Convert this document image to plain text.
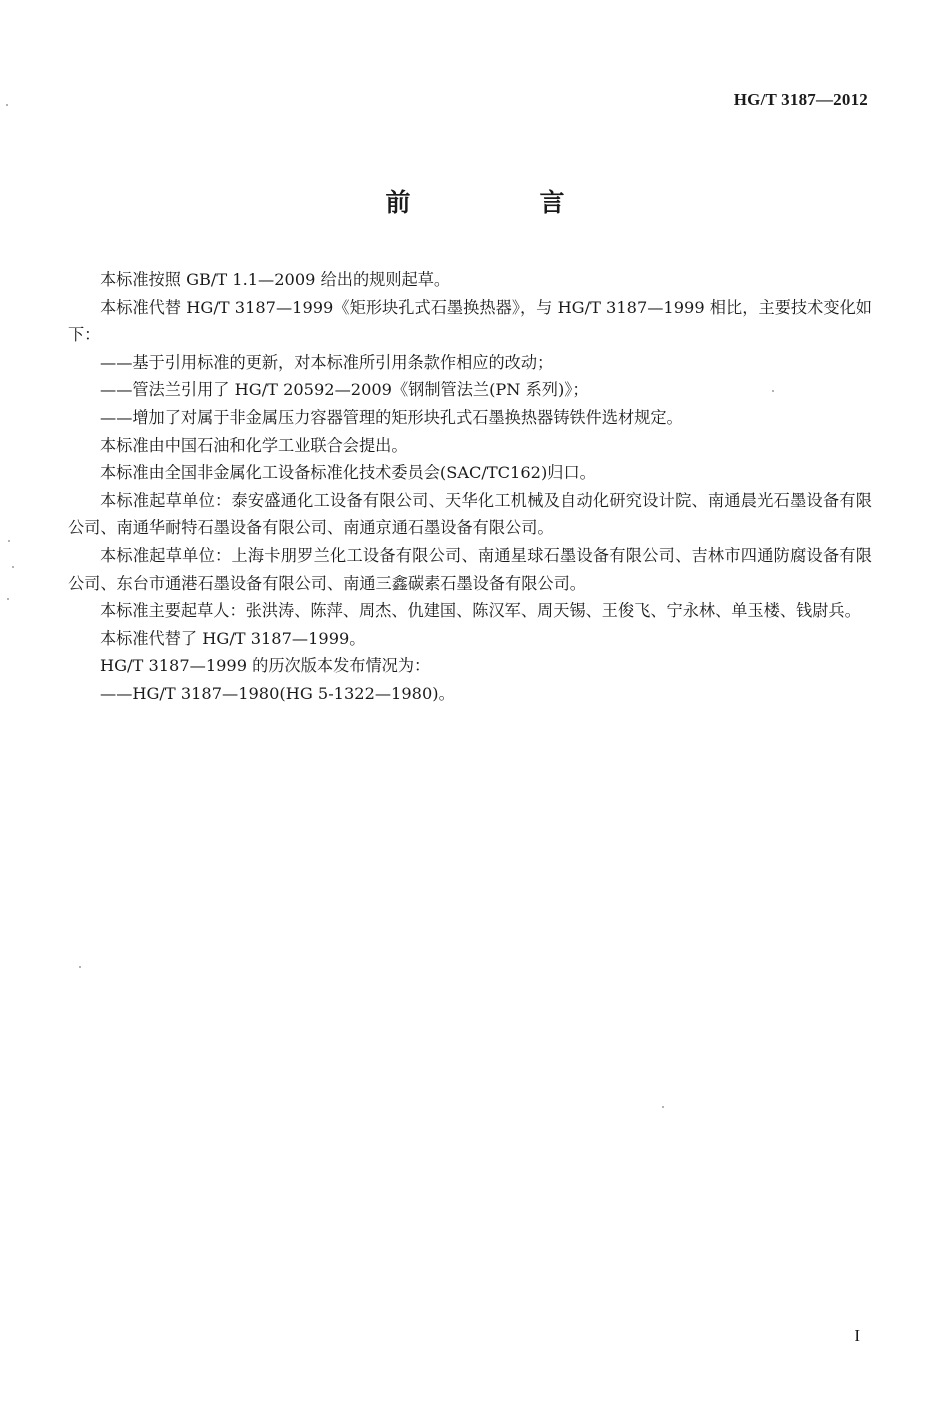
HG/T 3187—2012
前　言

本标准按照 GB/T 1.1—2009 给出的规则起草。

本标准代替 HG/T 3187—1999《矩形块孔式石墨换热器》，与 HG/T 3187—1999 相比，主要技术变化如下：

——基于引用标准的更新，对本标准所引用条款作相应的改动；

——管法兰引用了 HG/T 20592—2009《钢制管法兰(PN 系列)》；

——增加了对属于非金属压力容器管理的矩形块孔式石墨换热器铸铁件选材规定。

本标准由中国石油和化学工业联合会提出。

本标准由全国非金属化工设备标准化技术委员会(SAC/TC162)归口。

本标准起草单位：泰安盛通化工设备有限公司、天华化工机械及自动化研究设计院、南通晨光石墨设备有限公司、南通华耐特石墨设备有限公司、南通京通石墨设备有限公司。

本标准起草单位：上海卡朋罗兰化工设备有限公司、南通星球石墨设备有限公司、吉林市四通防腐设备有限公司、东台市通港石墨设备有限公司、南通三鑫碳素石墨设备有限公司。

本标准主要起草人：张洪涛、陈萍、周杰、仇建国、陈汉军、周天锡、王俊飞、宁永林、单玉楼、钱尉兵。

本标准代替了 HG/T 3187—1999。

HG/T 3187—1999 的历次版本发布情况为：

——HG/T 3187—1980(HG 5-1322—1980)。

I
